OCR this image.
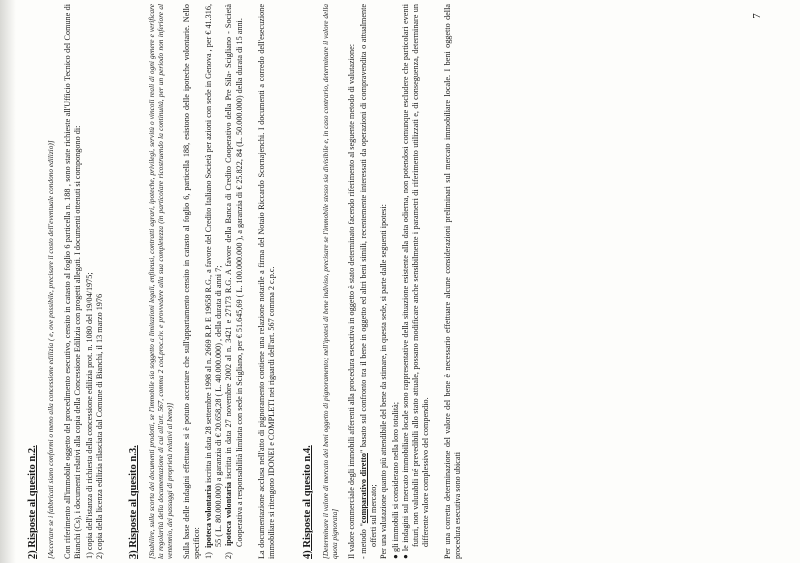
2) Risposte al quesito n.2. [Accertare se i fabbricati siano conformi o meno alla concessione edilizia ( e, ove possibile, precisare il costo dell'eventuale condono edilizio)] Con riferimento all'immobile oggetto del procedimento esecutivo, censito in catasto al foglio 6 particella n. 188 , sono state richieste all'Ufficio Tecnico del Comune di Bianchi (Cs), i documenti relativi alla copia della Concessione Edilizia con progetti allegati. I documenti ottenuti si compongono di: 1) copia dell'istanza di richiesta della concessione edilizia prot. n. 1080 del 19/04/1975; 2) copia della licenza edilizia rilasciata dal Comune di Bianchi, il 13 marzo 1976 3) Risposte al quesito n.3. [Stabilire, sulla scorta dei documenti prodotti, se l'immobile sia soggetto a limitazioni legali, enfiteusi, contratti agrari, ipoteche, privilegi, servitù o vincoli reali di ogni genere e verificare la regolarità della documentazione di cui all'art. 567, comma 2 cod.proc.civ. e provvedere alla sua completezza (in particolare ricostruendo la continuità, per un periodo non inferiore al ventennio, dei passaggi di proprietà relativi al bene)] Sulla base delle indagini effettuate si è potuto accertare che sull'appartamento censito in catasto al foglio 6, particella 188, esistono delle ipoteche volontarie. Nello specifico: 1)  ipoteca volontaria iscritta in data 28 settembre 1998 al n. 2669 R.P. E 19658 R.G., a favore del Credito Italiano Società per azioni con sede in Genova , per € 41.316, 55 ( L. 80.000.000) a garanzia di € 20.658,28 ( L. 40.000.000) , della durata di anni 7;
2)  ipoteca volontaria iscritta in data 27 novembre 2002 al n. 3421 e 27173 R.G. A favore della Banca di Credito Cooperativo della Pre Sila- Scigliano - Società Cooperativa a responsabilità limitata con sede in Scigliano, per € 51.645,69 ( L. 100.000.000 ), a garanzia di € 25.822, 84 (L. 50.000.000) della durata di 15 anni. La documentazione acclusa nell'atto di pignoramento contiene una relazione notarile a firma del Notaio Riccardo Scornajenchi. I documenti a corredo dell'esecuzione immobiliare si ritengono IDONEI e COMPLETI nei riguardi dell'art. 567 comma 2 c.p.c. 4) Risposte al quesito n.4. [Determinare il valore di mercato dei beni oggetto di pignoramento; nell'ipotesi di bene indiviso, precisare se l'immobile stesso sia divisibile e, in caso contrario, determinare il valore della quota pignorata] Il valore commerciale degli immobili afferenti alla procedura esecutiva in oggetto è stato determinato facendo riferimento al seguente metodo di valutazione: - metodo "comparativo diretto" basato sul confronto tra il bene in oggetto ed altri beni simili, recentemente interessati da operazioni di compravendita o attualmente offerti sul mercato; Per una valutazione quanto più attendibile del bene da stimare, in questa sede, si parte dalle seguenti ipotesi: ● gli immobili si considerano nella loro totalità; ● le indagini sul mercato immobiliare locale sono rappresentative della situazione esistente alla data odierna, non potendosi comunque escludere che particolari eventi futuri, non valutabili né prevedibili allo stato attuale, possano modificare anche sensibilmente i parametri di riferimento utilizzati e, di conseguenza, determinare un differente valore complessivo del compendio. Per una corretta determinazione del valore del bene è necessario effettuare alcune considerazioni preliminari sul mercato immobiliare locale. I beni oggetto della procedura esecutiva sono ubicati
7
